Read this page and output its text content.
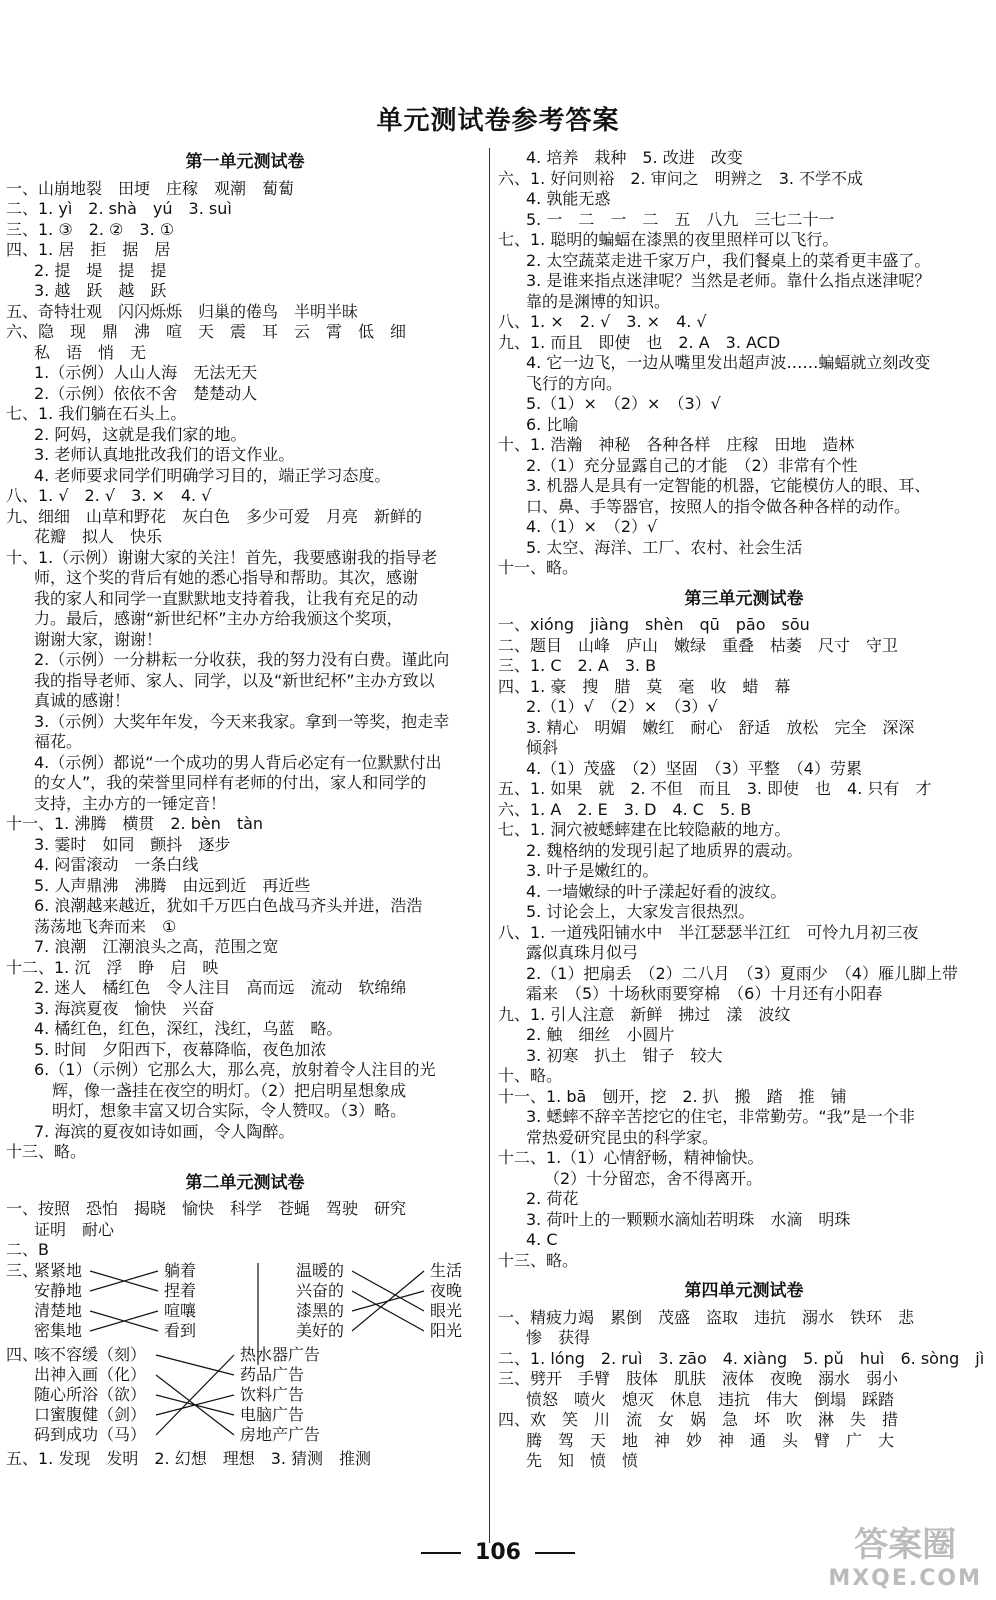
单元测试卷参考答案
第一单元测试卷
一、山崩地裂　田埂　庄稼　观潮　蔔蔔
二、1. yì　2. shà　yú　3. suì
三、1. ③　2. ②　3. ①
四、1. 居　拒　据　居
2. 提　堤　提　提
3. 越　跃　越　跃
五、奇特壮观　闪闪烁烁　归巢的倦鸟　半明半昧
六、隐　现　鼎　沸　喧　天　震　耳　云　霄　低　细
私　语　悄　无
1.（示例）人山人海　无法无天
2.（示例）依依不舍　楚楚动人
七、1. 我们躺在石头上。
2. 阿妈，这就是我们家的地。
3. 老师认真地批改我们的语文作业。
4. 老师要求同学们明确学习目的，端正学习态度。
八、1. √　2. √　3. ×　4. √
九、细细　山草和野花　灰白色　多少可爱　月亮　新鲜的
花瓣　拟人　快乐
十、1.（示例）谢谢大家的关注！首先，我要感谢我的指导老
师，这个奖的背后有她的悉心指导和帮助。其次，感谢
我的家人和同学一直默默地支持着我，让我有充足的动
力。最后，感谢“新世纪杯”主办方给我颁这个奖项，
谢谢大家，谢谢！
2.（示例）一分耕耘一分收获，我的努力没有白费。谨此向
我的指导老师、家人、同学，以及“新世纪杯”主办方致以
真诚的感谢！
3.（示例）大奖年年发，今天来我家。拿到一等奖，抱走幸
福花。
4.（示例）都说“一个成功的男人背后必定有一位默默付出
的女人”，我的荣誉里同样有老师的付出，家人和同学的
支持，主办方的一锤定音！
十一、1. 沸腾　横贯　2. bèn　tàn
3. 霎时　如同　颤抖　逐步
4. 闷雷滚动　一条白线
5. 人声鼎沸　沸腾　由远到近　再近些
6. 浪潮越来越近，犹如千万匹白色战马齐头并进，浩浩
荡荡地飞奔而来　①
7. 浪潮　江潮浪头之高，范围之宽
十二、1. 沉　浮　睁　启　映
2. 迷人　橘红色　令人注目　高而远　流动　软绵绵
3. 海滨夏夜　愉快　兴奋
4. 橘红色，红色，深红，浅红，乌蓝　略。
5. 时间　夕阳西下，夜幕降临，夜色加浓
6.（1）（示例）它那么大，那么亮，放射着令人注目的光
辉，像一盏挂在夜空的明灯。（2）把启明星想象成
明灯，想象丰富又切合实际，令人赞叹。（3）略。
7. 海滨的夏夜如诗如画，令人陶醉。
十三、略。
第二单元测试卷
一、按照　恐怕　揭晓　愉快　科学　苍蝇　驾驶　研究
证明　耐心
二、B
三、
紧紧地
安静地
清楚地
密集地
躺着
捏着
喧嚷
看到
温暖的
兴奋的
漆黑的
美好的
生活
夜晚
眼光
阳光
四、
咳不容缓（刻）
出神入画（化）
随心所浴（欲）
口蜜腹健（剑）
码到成功（马）
热水器广告
药品广告
饮料广告
电脑广告
房地产广告
五、1. 发现　发明　2. 幻想　理想　3. 猜测　推测
4. 培养　栽种　5. 改进　改变
六、1. 好问则裕　2. 审问之　明辨之　3. 不学不成
4. 孰能无惑
5. 一　二　一　二　五　八九　三七二十一
七、1. 聪明的蝙蝠在漆黑的夜里照样可以飞行。
2. 太空蔬菜走进千家万户，我们餐桌上的菜肴更丰盛了。
3. 是谁来指点迷津呢？当然是老师。靠什么指点迷津呢？
靠的是渊博的知识。
八、1. ×　2. √　3. ×　4. √
九、1. 而且　即使　也　2. A　3. ACD
4. 它一边飞，一边从嘴里发出超声波……蝙蝠就立刻改变
飞行的方向。
5.（1）×　（2）×　（3）√
6. 比喻
十、1. 浩瀚　神秘　各种各样　庄稼　田地　造林
2.（1）充分显露自己的才能　（2）非常有个性
3. 机器人是具有一定智能的机器，它能模仿人的眼、耳、
口、鼻、手等器官，按照人的指令做各种各样的动作。
4.（1）×　（2）√
5. 太空、海洋、工厂、农村、社会生活
十一、略。
第三单元测试卷
一、xióng　jiàng　shèn　qū　pāo　sōu
二、题目　山峰　庐山　嫩绿　重叠　枯萎　尺寸　守卫
三、1. C　2. A　3. B
四、1. 豪　搜　腊　莫　毫　收　蜡　幕
2.（1）√　（2）×　（3）√
3. 精心　明媚　嫩红　耐心　舒适　放松　完全　深深
倾斜
4.（1）茂盛　（2）坚固　（3）平整　（4）劳累
五、1. 如果　就　2. 不但　而且　3. 即使　也　4. 只有　才
六、1. A　2. E　3. D　4. C　5. B
七、1. 洞穴被蟋蟀建在比较隐蔽的地方。
2. 魏格纳的发现引起了地质界的震动。
3. 叶子是嫩红的。
4. 一墙嫩绿的叶子漾起好看的波纹。
5. 讨论会上，大家发言很热烈。
八、1. 一道残阳铺水中　半江瑟瑟半江红　可怜九月初三夜
露似真珠月似弓
2.（1）把扇丢　（2）二八月　（3）夏雨少　（4）雁儿脚上带
霜来　（5）十场秋雨要穿棉　（6）十月还有小阳春
九、1. 引人注意　新鲜　拂过　漾　波纹
2. 触　细丝　小圆片
3. 初寒　扒土　钳子　较大
十、略。
十一、1. bā　刨开，挖　2. 扒　搬　踏　推　铺
3. 蟋蟀不辞辛苦挖它的住宅，非常勤劳。“我”是一个非
常热爱研究昆虫的科学家。
十二、1.（1）心情舒畅，精神愉快。
（2）十分留恋，舍不得离开。
2. 荷花
3. 荷叶上的一颗颗水滴灿若明珠　水滴　明珠
4. C
十三、略。
第四单元测试卷
一、精疲力竭　累倒　茂盛　盗取　违抗　溺水　铁环　悲
惨　获得
二、1. lóng　2. ruì　3. zāo　4. xiàng　5. pǔ　huì　6. sòng　jì
三、劈开　手臂　肢体　肌肤　液体　夜晚　溺水　弱小
愤怒　喷火　熄灭　休息　违抗　伟大　倒塌　踩踏
四、欢　笑　川　流　女　娲　急　坏　吹　淋　失　措
腾　驾　天　地　神　妙　神　通　头　臂　广　大
先　知　愤　愤
106	答案圈
MXQE.COM
